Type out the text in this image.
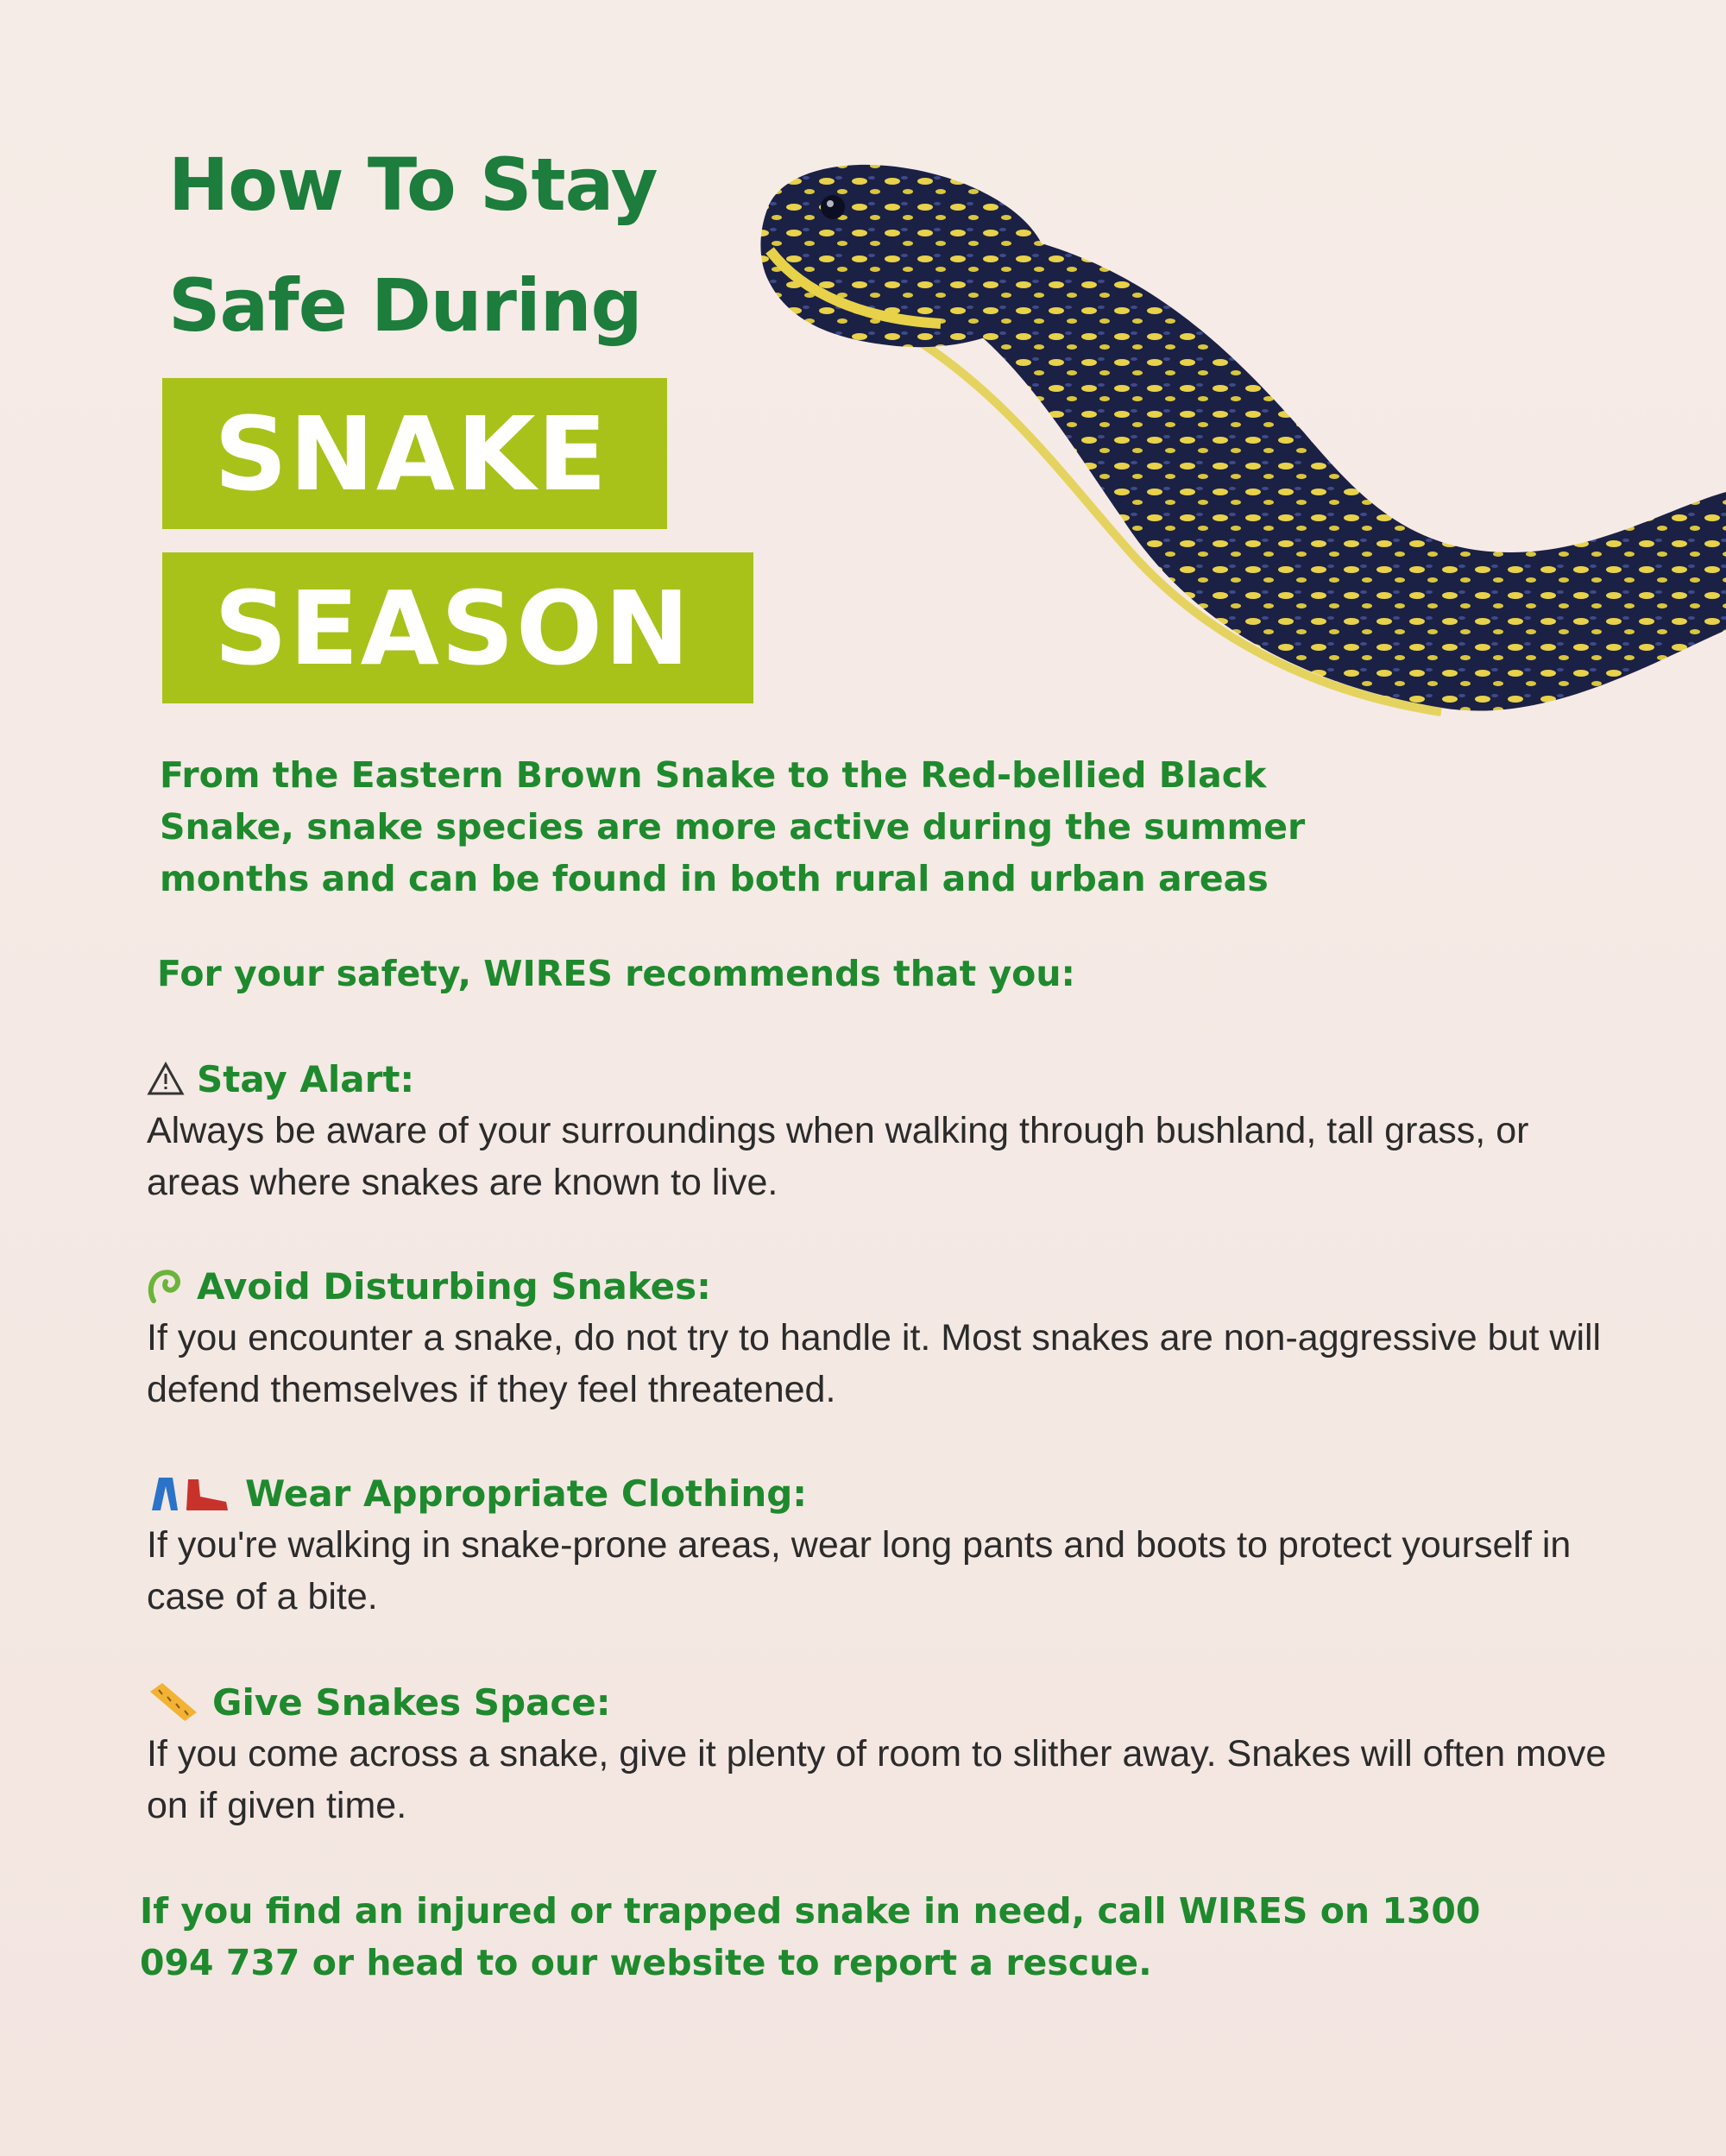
How To Stay
Safe During
SNAKE
SEASON
From the Eastern Brown Snake to the Red-bellied Black Snake, snake species are more active during the summer months and can be found in both rural and urban areas
For your safety, WIRES recommends that you:
Stay Alart:
Always be aware of your surroundings when walking through bushland, tall grass, or areas where snakes are known to live.
Avoid Disturbing Snakes:
If you encounter a snake, do not try to handle it. Most snakes are non-aggressive but will defend themselves if they feel threatened.
Wear Appropriate Clothing:
If you're walking in snake-prone areas, wear long pants and boots to protect yourself in case of a bite.
Give Snakes Space:
If you come across a snake, give it plenty of room to slither away. Snakes will often move on if given time.
If you find an injured or trapped snake in need, call WIRES on 1300 094 737 or head to our website to report a rescue.
